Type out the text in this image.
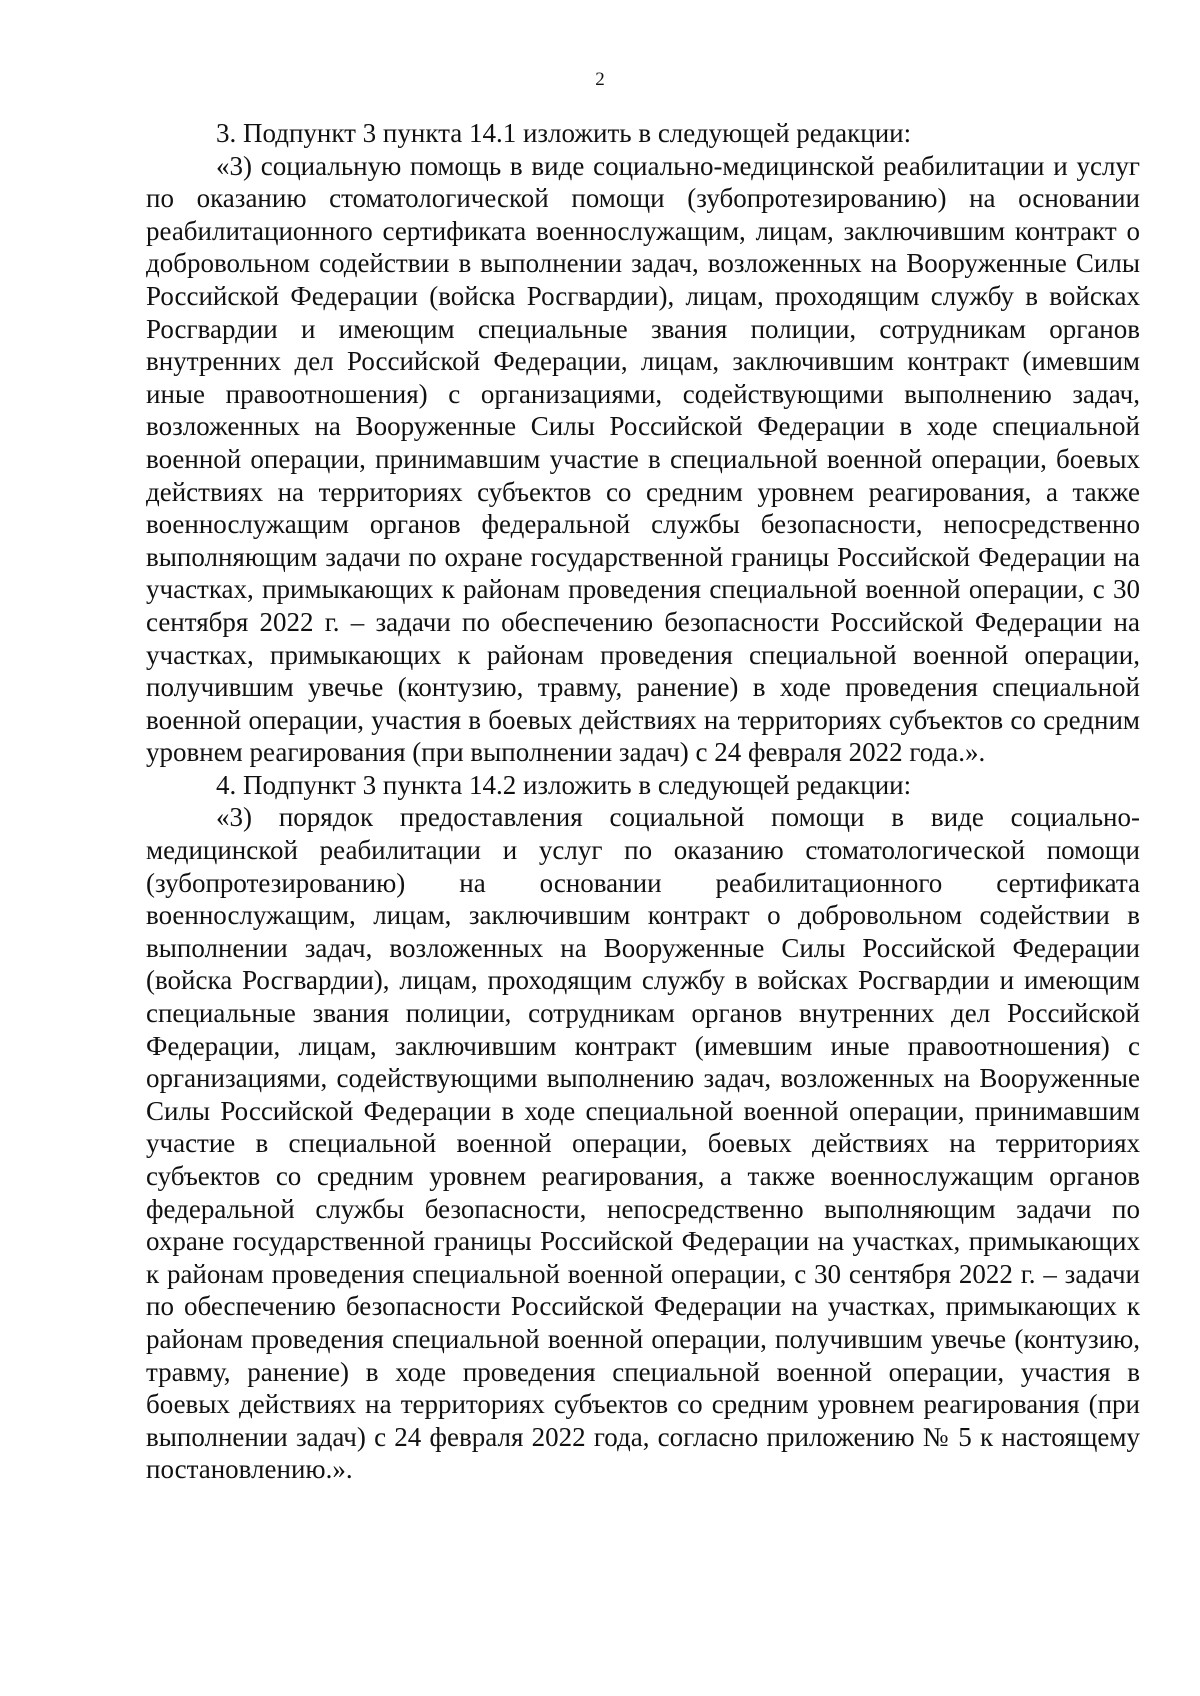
2

3. Подпункт 3 пункта 14.1 изложить в следующей редакции:

«3) социальную помощь в виде социально-медицинской реабилитации и услуг по оказанию стоматологической помощи (зубопротезированию) на основании реабилитационного сертификата военнослужащим, лицам, заключившим контракт о добровольном содействии в выполнении задач, возложенных на Вооруженные Силы Российской Федерации (войска Росгвардии), лицам, проходящим службу в войсках Росгвардии и имеющим специальные звания полиции, сотрудникам органов внутренних дел Российской Федерации, лицам, заключившим контракт (имевшим иные правоотношения) с организациями, содействующими выполнению задач, возложенных на Вооруженные Силы Российской Федерации в ходе специальной военной операции, принимавшим участие в специальной военной операции, боевых действиях на территориях субъектов со средним уровнем реагирования, а также военнослужащим органов федеральной службы безопасности, непосредственно выполняющим задачи по охране государственной границы Российской Федерации на участках, примыкающих к районам проведения специальной военной операции, с 30 сентября 2022 г. – задачи по обеспечению безопасности Российской Федерации на участках, примыкающих к районам проведения специальной военной операции, получившим увечье (контузию, травму, ранение) в ходе проведения специальной военной операции, участия в боевых действиях на территориях субъектов со средним уровнем реагирования (при выполнении задач) с 24 февраля 2022 года.».

4. Подпункт 3 пункта 14.2 изложить в следующей редакции:

«3) порядок предоставления социальной помощи в виде социально-медицинской реабилитации и услуг по оказанию стоматологической помощи (зубопротезированию) на основании реабилитационного сертификата военнослужащим, лицам, заключившим контракт о добровольном содействии в выполнении задач, возложенных на Вооруженные Силы Российской Федерации (войска Росгвардии), лицам, проходящим службу в войсках Росгвардии и имеющим специальные звания полиции, сотрудникам органов внутренних дел Российской Федерации, лицам, заключившим контракт (имевшим иные правоотношения) с организациями, содействующими выполнению задач, возложенных на Вооруженные Силы Российской Федерации в ходе специальной военной операции, принимавшим участие в специальной военной операции, боевых действиях на территориях субъектов со средним уровнем реагирования, а также военнослужащим органов федеральной службы безопасности, непосредственно выполняющим задачи по охране государственной границы Российской Федерации на участках, примыкающих к районам проведения специальной военной операции, с 30 сентября 2022 г. – задачи по обеспечению безопасности Российской Федерации на участках, примыкающих к районам проведения специальной военной операции, получившим увечье (контузию, травму, ранение) в ходе проведения специальной военной операции, участия в боевых действиях на территориях субъектов со средним уровнем реагирования (при выполнении задач) с 24 февраля 2022 года, согласно приложению № 5 к настоящему постановлению.».
